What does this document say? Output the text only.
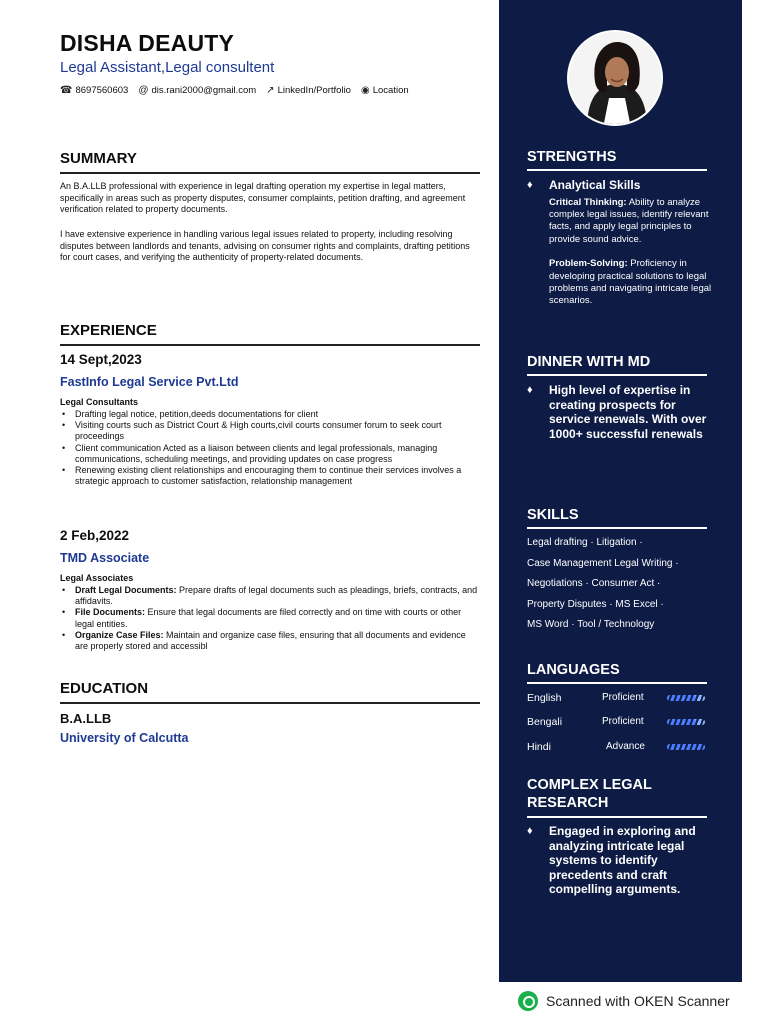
DISHA DEAUTY
Legal Assistant,Legal consultent
☎ 8697560603 @ dis.rani2000@gmail.com ↗ LinkedIn/Portfolio ◉ Location
SUMMARY
An B.A.LLB professional with experience in legal drafting operation my expertise in legal matters, specifically in areas such as property disputes, consumer complaints, petition drafting, and agreement verification related to property documents.
I have extensive experience in handling various legal issues related to property, including resolving disputes between landlords and tenants, advising on consumer rights and complaints, drafting petitions for court cases, and verifying the authenticity of property-related documents.
EXPERIENCE
14 Sept,2023
FastInfo Legal Service Pvt.Ltd
Legal Consultants
• Drafting legal notice, petition,deeds documentations for client
• Visiting courts such as District Court & High courts,civil courts consumer forum to seek court proceedings
• Client communication Acted as a liaison between clients and legal professionals, managing communications, scheduling meetings, and providing updates on case progress
• Renewing existing client relationships and encouraging them to continue their services involves a strategic approach to customer satisfaction, relationship management
2 Feb,2022
TMD Associate
Legal Associates
• Draft Legal Documents: Prepare drafts of legal documents such as pleadings, briefs, contracts, and affidavits.
• File Documents: Ensure that legal documents are filed correctly and on time with courts or other legal entities.
• Organize Case Files: Maintain and organize case files, ensuring that all documents and evidence are properly stored and accessibl
EDUCATION
B.A.LLB
University of Calcutta
STRENGTHS
♦ Analytical Skills
Critical Thinking: Ability to analyze complex legal issues, identify relevant facts, and apply legal principles to provide sound advice.
Problem-Solving: Proficiency in developing practical solutions to legal problems and navigating intricate legal scenarios.
DINNER WITH MD
♦ High level of expertise in creating prospects for service renewals. With over 1000+ successful renewals
SKILLS
Legal drafting · Litigation ·
Case Management Legal Writing ·
Negotiations · Consumer Act ·
Property Disputes · MS Excel ·
MS Word · Tool / Technology
LANGUAGES
English	Proficient
Bengali	Proficient
Hindi	Advance
COMPLEX LEGAL RESEARCH
♦ Engaged in exploring and analyzing intricate legal systems to identify precedents and craft compelling arguments.
Scanned with OKEN Scanner
